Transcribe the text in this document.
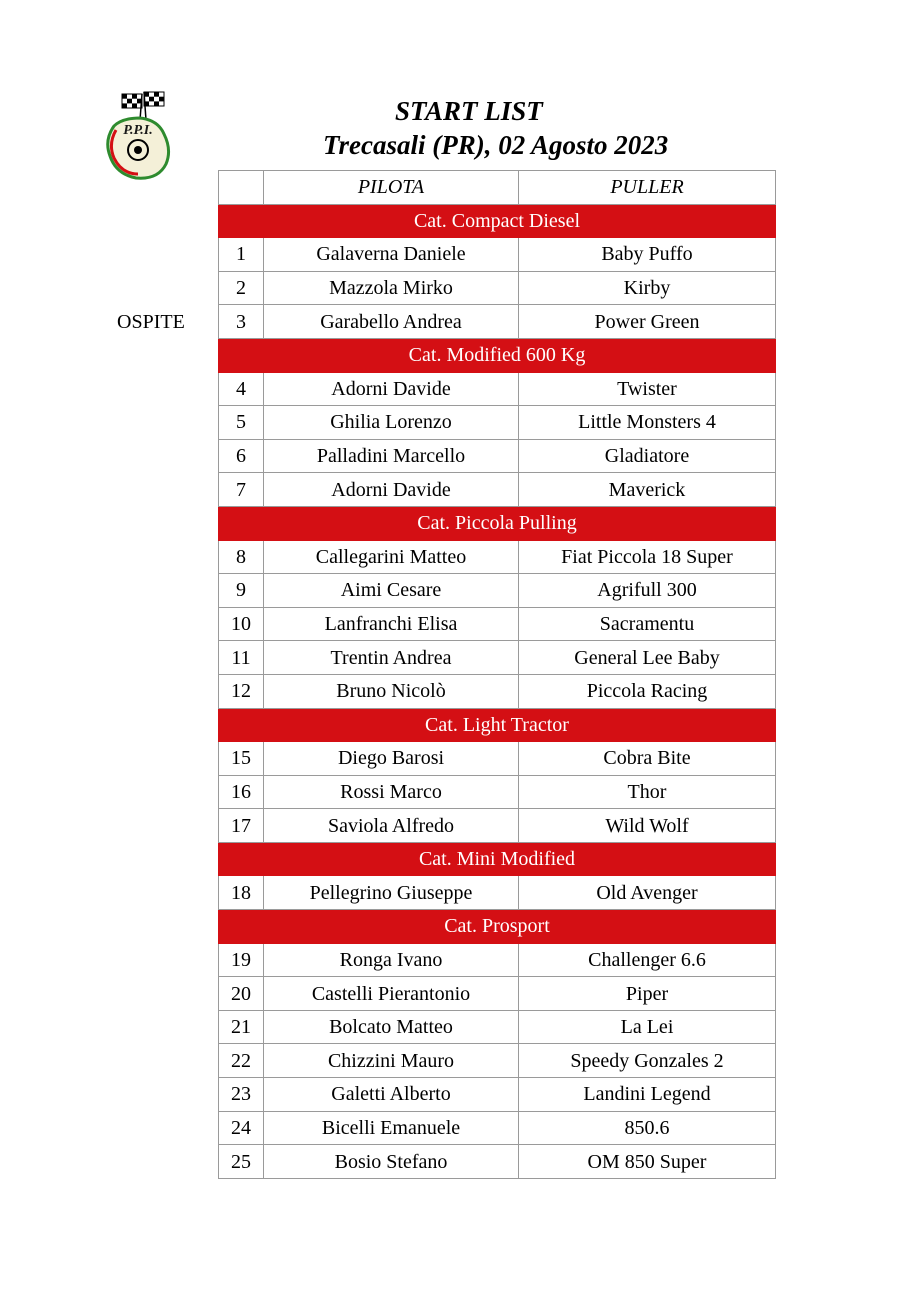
P.P.I.
START LIST
Trecasali (PR), 02 Agosto 2023
OSPITE
	PILOTA	PULLER
Cat. Compact Diesel		
1	Galaverna Daniele	Baby Puffo
2	Mazzola Mirko	Kirby
3	Garabello Andrea	Power Green
Cat. Modified 600 Kg		
4	Adorni Davide	Twister
5	Ghilia Lorenzo	Little Monsters 4
6	Palladini Marcello	Gladiatore
7	Adorni Davide	Maverick
Cat. Piccola Pulling		
8	Callegarini Matteo	Fiat Piccola 18 Super
9	Aimi Cesare	Agrifull 300
10	Lanfranchi Elisa	Sacramentu
11	Trentin Andrea	General Lee Baby
12	Bruno Nicolò	Piccola Racing
Cat. Light Tractor		
15	Diego Barosi	Cobra Bite
16	Rossi Marco	Thor
17	Saviola Alfredo	Wild Wolf
Cat. Mini Modified		
18	Pellegrino Giuseppe	Old Avenger
Cat. Prosport		
19	Ronga Ivano	Challenger 6.6
20	Castelli Pierantonio	Piper
21	Bolcato Matteo	La Lei
22	Chizzini Mauro	Speedy Gonzales 2
23	Galetti Alberto	Landini Legend
24	Bicelli Emanuele	850.6
25	Bosio Stefano	OM 850 Super
